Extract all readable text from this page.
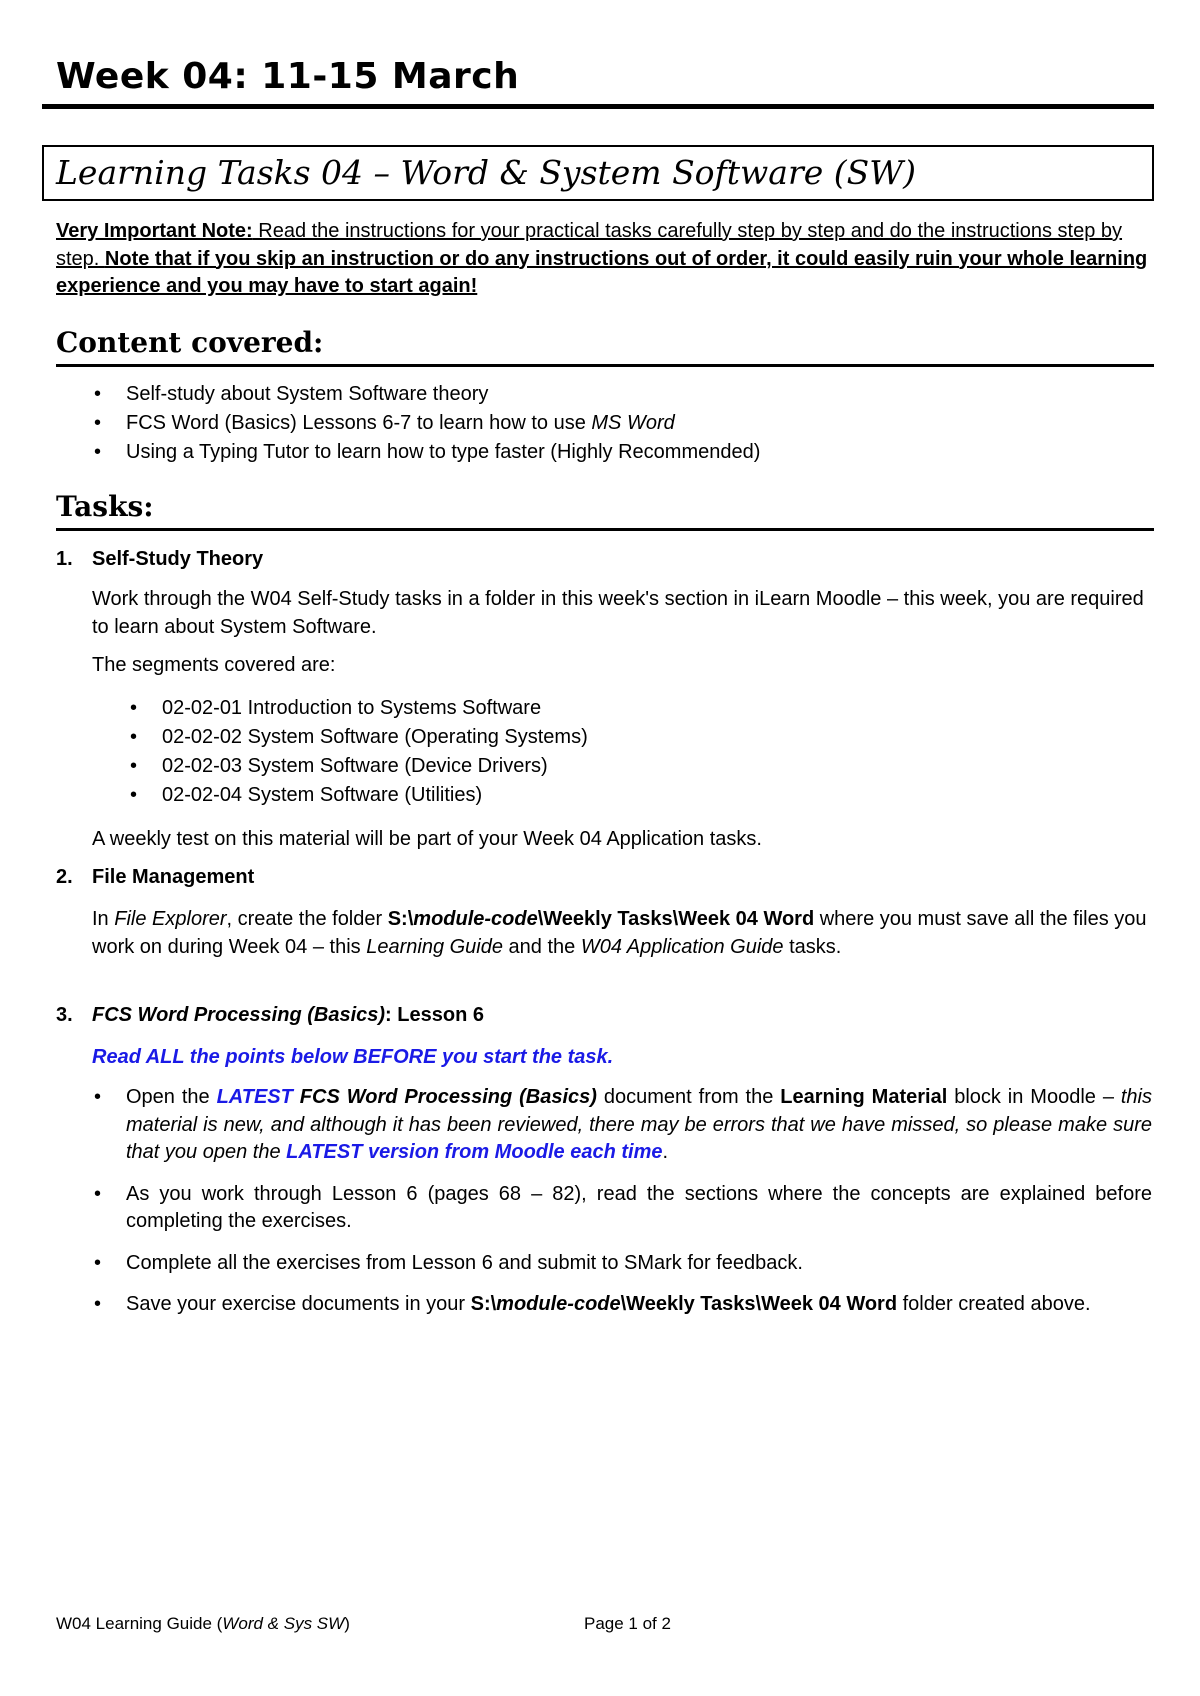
Week 04: 11-15 March
Learning Tasks 04 – Word & System Software (SW)

Very Important Note: Read the instructions for your practical tasks carefully step by step and do the instructions step by step. Note that if you skip an instruction or do any instructions out of order, it could easily ruin your whole learning experience and you may have to start again!

Content covered:
• Self-study about System Software theory
• FCS Word (Basics) Lessons 6-7 to learn how to use MS Word
• Using a Typing Tutor to learn how to type faster (Highly Recommended)
Tasks:
1. Self-Study Theory

Work through the W04 Self-Study tasks in a folder in this week's section in iLearn Moodle – this week, you are required to learn about System Software.

The segments covered are:

• 02-02-01 Introduction to Systems Software
• 02-02-02 System Software (Operating Systems)
• 02-02-03 System Software (Device Drivers)
• 02-02-04 System Software (Utilities)

A weekly test on this material will be part of your Week 04 Application tasks.

2. File Management

In File Explorer, create the folder S:\module-code\Weekly Tasks\Week 04 Word where you must save all the files you work on during Week 04 – this Learning Guide and the W04 Application Guide tasks.

3. FCS Word Processing (Basics): Lesson 6

Read ALL the points below BEFORE you start the task.

• Open the LATEST FCS Word Processing (Basics) document from the Learning Material block in Moodle – this material is new, and although it has been reviewed, there may be errors that we have missed, so please make sure that you open the LATEST version from Moodle each time.
• As you work through Lesson 6 (pages 68 – 82), read the sections where the concepts are explained before completing the exercises.
• Complete all the exercises from Lesson 6 and submit to SMark for feedback.
• Save your exercise documents in your S:\module-code\Weekly Tasks\Week 04 Word folder created above.
W04 Learning Guide (Word & Sys SW)	Page 1 of 2
